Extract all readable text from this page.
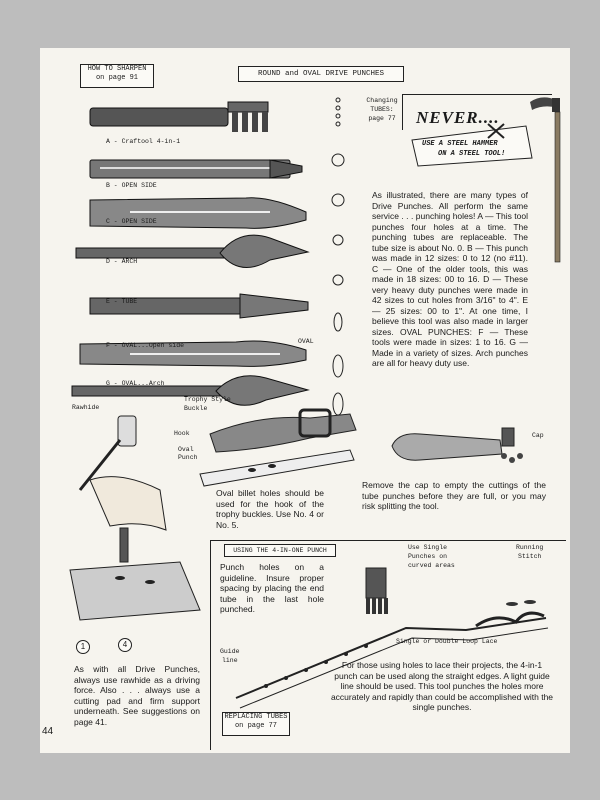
HOW TO SHARPEN
on page 91	ROUND and OVAL DRIVE PUNCHES
Changing
TUBES:
page 77	NEVER....
USE A STEEL HAMMER
ON A STEEL TOOL!
A - Craftool 4-in-1
B - OPEN SIDE
C - OPEN SIDE
D - ARCH
E - TUBE
F - OVAL...Open side
G - OVAL...Arch
OVAL
As illustrated, there are many types of Drive Punches. All perform the same service . . . punching holes! A — This tool punches four holes at a time. The punching tubes are replaceable. The tube size is about No. 0. B — This punch was made in 12 sizes: 0 to 12 (no #11). C — One of the older tools, this was made in 18 sizes: 00 to 16. D — These very heavy duty punches were made in 42 sizes to cut holes from 3/16" to 4". E — 25 sizes: 00 to 1". At one time, I believe this tool was also made in larger sizes. OVAL PUNCHES: F — These tools were made in sizes: 1 to 16. G — Made in a variety of sizes. Arch punches are all for heavy duty use.
Rawhide
Trophy Style
Buckle
Hook
Oval
Punch
Oval billet holes should be used for the hook of the trophy buckles. Use No. 4 or No. 5.
Cap
Remove the cap to empty the cuttings of the tube punches before they are full, or you may risk splitting the tool.
1	4
As with all Drive Punches, always use rawhide as a driving force. Also . . . always use a cutting pad and firm support underneath. See suggestions on page 41.
USING THE 4-IN-ONE PUNCH
Punch holes on a guideline. Insure proper spacing by placing the end tube in the last hole punched.
Use Single
Punches on
curved areas
Running
Stitch
Single or Double Loop Lace
Guide
line	For those using holes to lace their projects, the 4-in-1 punch can be used along the straight edges. A light guide line should be used. This tool punches the holes more accurately and rapidly than could be accomplished with the single punches.
REPLACING TUBES
on page 77
44
